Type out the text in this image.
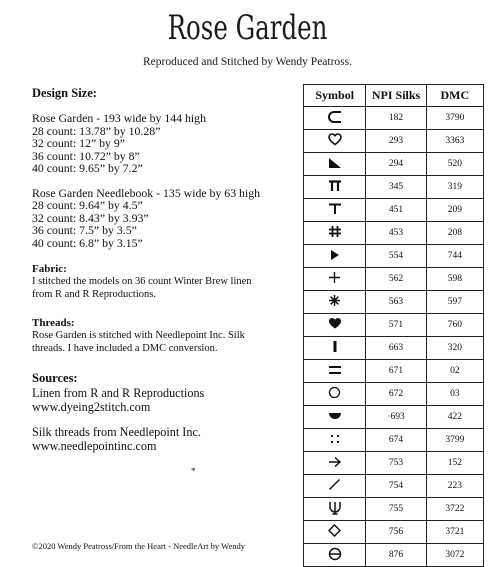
Rose Garden
Reproduced and Stitched by Wendy Peatross.

Design Size:

Rose Garden - 193 wide by 144 high
28 count: 13.78” by 10.28”
32 count: 12” by 9”
36 count: 10.72” by 8”
40 count: 9.65” by 7.2”
Rose Garden Needlebook - 135 wide by 63 high
28 count: 9.64” by 4.5”
32 count: 8.43” by 3.93”
36 count: 7.5” by 3.5”
40 count: 6.8” by 3.15”

Fabric:

I stitched the models on 36 count Winter Brew linen
from R and R Reproductions.

Threads:

Rose Garden is stitched with Needlepoint Inc. Silk
threads. I have included a DMC conversion.

Sources:

Linen from R and R Reproductions
www.dyeing2stitch.com
Silk threads from Needlepoint Inc.
www.needlepointinc.com
*
©2020 Wendy Peatross/From the Heart - NeedleArt by Wendy
Symbol	NPI Silks	DMC

	182	3790

	293	3363

	294	520

	345	319

	451	209

	453	208

	554	744

	562	598

	563	597

	571	760

	663	320

	671	02

	672	03

	·693	422

	674	3799

	753	152

	754	223

	755	3722

	756	3721

	876	3072
